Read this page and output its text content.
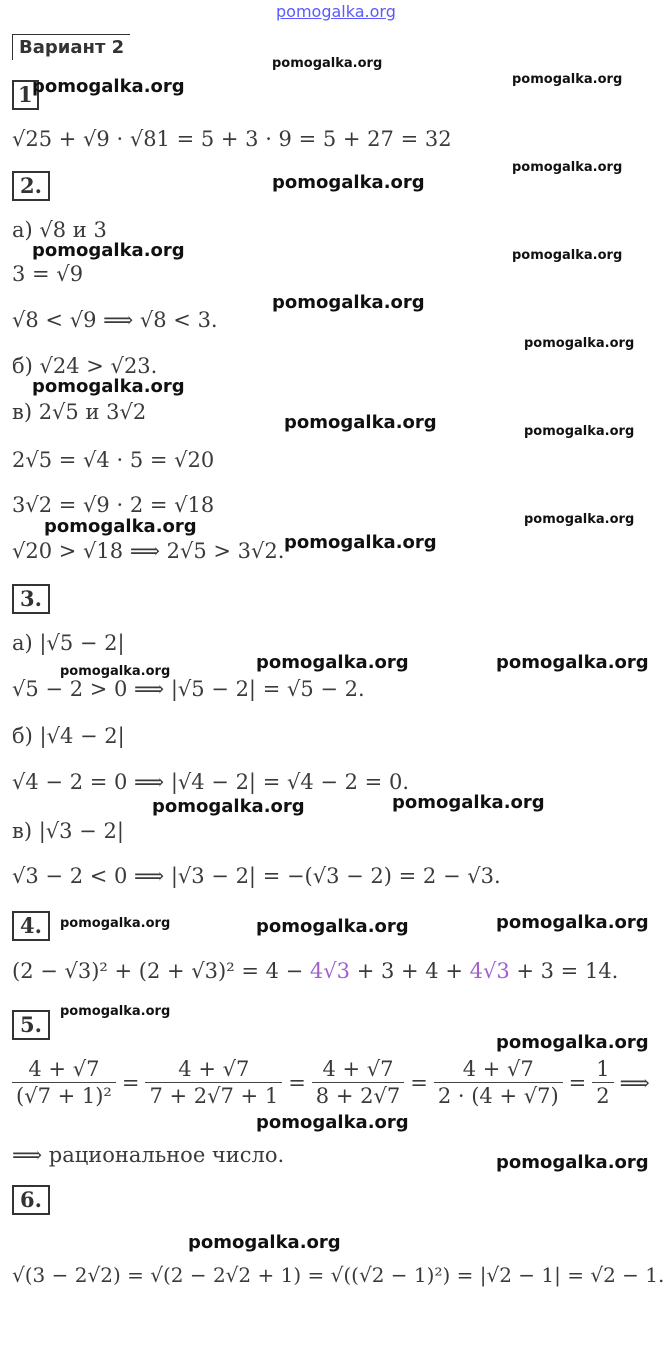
pomogalka.org
Вариант 2
1
√25 + √9 · √81 = 5 + 3 · 9 = 5 + 27 = 32
2.
а) √8 и 3
3 = √9
√8 < √9 ⟹ √8 < 3.
б) √24 > √23.
в) 2√5 и 3√2
2√5 = √4 · 5 = √20
3√2 = √9 · 2 = √18
√20 > √18 ⟹ 2√5 > 3√2.
3.
а) |√5 − 2|
√5 − 2 > 0 ⟹ |√5 − 2| = √5 − 2.
б) |√4 − 2|
√4 − 2 = 0 ⟹ |√4 − 2| = √4 − 2 = 0.
в) |√3 − 2|
√3 − 2 < 0 ⟹ |√3 − 2| = −(√3 − 2) = 2 − √3.
4.
(2 − √3)² + (2 + √3)² = 4 − 4√3 + 3 + 4 + 4√3 + 3 = 14.
5.
$\frac{4 + √7}{\text{(√7 + 1)²}} = \frac{4 + √7}{7 + 2√7 + 1} = \frac{4 + √7}{8 + 2√7} = \frac{4 + √7}{2 \cdot (4 + √7)} = \frac{1}{2}$ ⟹
⟹ рациональное число.
6.
√(3 − 2√2) = √(2 − 2√2 + 1) = √((√2 − 1)²) = |√2 − 1| = √2 − 1.
pomogalka.org
pomogalka.org	pomogalka.org
pomogalka.org
pomogalka.org
pomogalka.org	pomogalka.org
pomogalka.org
pomogalka.org
pomogalka.org
pomogalka.org	pomogalka.org
pomogalka.org
pomogalka.org
pomogalka.org
pomogalka.org	pomogalka.org
pomogalka.org
pomogalka.org
pomogalka.org
pomogalka.org	pomogalka.org
pomogalka.org
pomogalka.org
pomogalka.org
pomogalka.org
pomogalka.org
pomogalka.org
